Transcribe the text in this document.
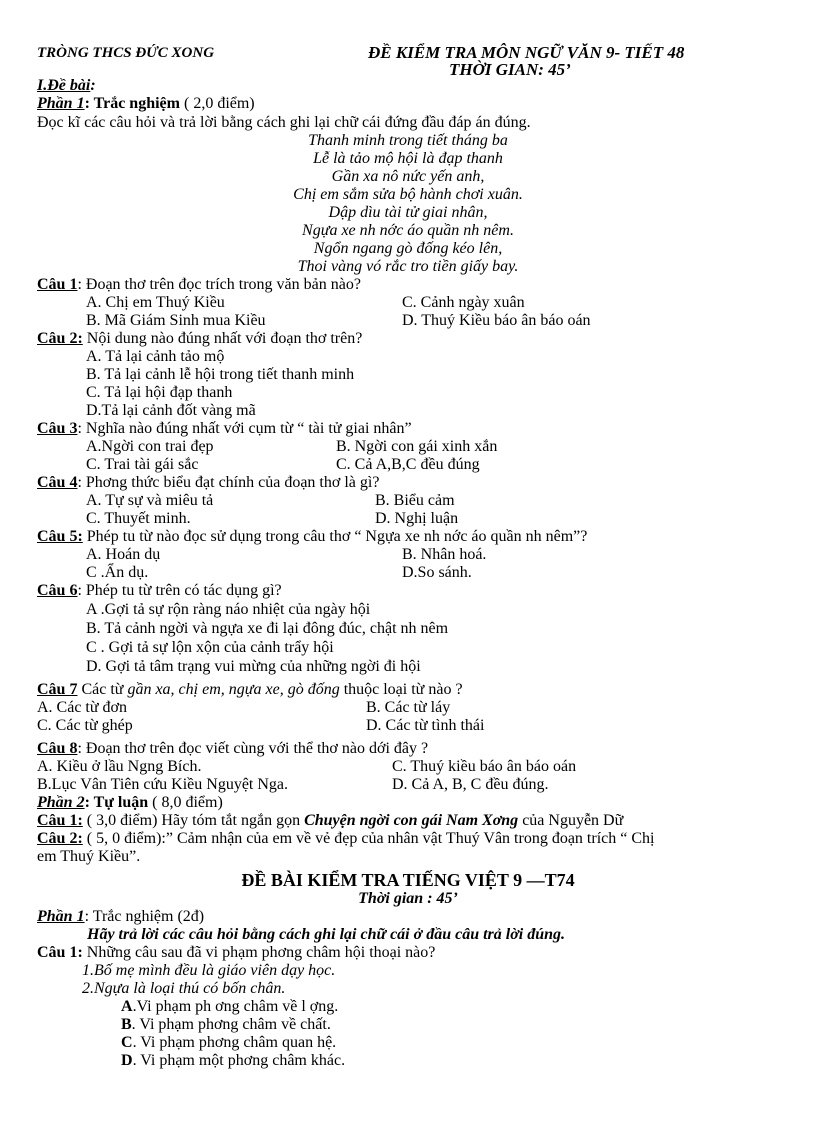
TRÒNG THCS ĐỨC XONG	ĐỀ KIỂM TRA MÔN NGỮ VĂN 9- TIẾT 48
THỜI GIAN: 45’
I.Đề bài:
Phần 1: Trắc nghiệm ( 2,0 điểm)
Đọc kĩ các câu hỏi và trả lời bằng cách ghi lại chữ cái đứng đầu đáp án đúng.
Thanh minh trong tiết tháng ba
Lễ là tảo mộ hội là đạp thanh
Gần xa nô nức yến anh,
Chị em sắm sửa bộ hành chơi xuân.
Dập dìu tài tử giai nhân,
Ngựa xe nh nớc áo quần nh nêm.
Ngổn ngang gò đống kéo lên,
Thoi vàng vó rắc tro tiền giấy bay.
Câu 1: Đoạn thơ trên đọc trích trong văn bản nào?
A. Chị em Thuý Kiều	C. Cảnh ngày xuân
B. Mã Giám Sinh mua Kiều	D. Thuý Kiều báo ân báo oán
Câu 2: Nội dung nào đúng nhất với đoạn thơ trên?
A. Tả lại cảnh tảo mộ
B. Tả lại cảnh lễ hội trong tiết thanh minh
C. Tả lại hội đạp thanh
D.Tả lại cảnh đốt vàng mã
Câu 3: Nghĩa nào đúng nhất với cụm từ “ tài tử giai nhân”
A.Ngời con trai đẹp	B. Ngời con gái xinh xắn
C. Trai tài gái sắc	C. Cả A,B,C đều đúng
Câu 4: Phơng thức biểu đạt chính của đoạn thơ là gì?
A. Tự sự và miêu tả	B. Biểu cảm
C. Thuyết minh.	D. Nghị luận
Câu 5: Phép tu từ nào đọc sử dụng trong câu thơ “ Ngựa xe nh nớc áo quần nh nêm”?
A. Hoán dụ	B. Nhân hoá.
C .Ẩn dụ.	D.So sánh.
Câu 6: Phép tu từ trên có tác dụng gì?
A .Gợi tả sự rộn ràng náo nhiệt của ngày hội
B. Tả cảnh ngời và ngựa xe đi lại đông đúc, chật nh nêm
C . Gợi tả sự lộn xộn của cảnh trẩy hội
D. Gợi tả tâm trạng vui mừng của những ngời đi hội
Câu 7 Các từ gần xa, chị em, ngựa xe, gò đống thuộc loại từ nào ?
A. Các từ đơn	B. Các từ láy
C. Các từ ghép	D. Các từ tình thái
Câu 8: Đoạn thơ trên đọc viết cùng với thể thơ nào dới đây ?
A. Kiều ở lầu Ngng Bích.	C. Thuý kiều báo ân báo oán
B.Lục Vân Tiên cứu Kiều Nguyệt Nga.	D. Cả A, B, C đều đúng.
Phần 2: Tự luận ( 8,0 điểm)
Câu 1: ( 3,0 điểm) Hãy tóm tắt ngắn gọn Chuyện ngời con gái Nam Xơng của Nguyễn Dữ
Câu 2: ( 5, 0 điểm):” Cảm nhận của em về vẻ đẹp của nhân vật Thuý Vân trong đoạn trích “ Chị
em Thuý Kiều”.
ĐỀ BÀI KIỂM TRA TIẾNG VIỆT 9 —T74
Thời gian : 45’
Phần 1: Trắc nghiệm (2đ)
Hãy trả lời các câu hỏi bằng cách ghi lại chữ cái ở đầu câu trả lời đúng.
Câu 1: Những câu sau đã vi phạm phơng châm hội thoại nào?
1.Bố mẹ mình đều là giáo viên dạy học.
2.Ngựa là loại thú có bốn chân.
A.Vi phạm ph ơng châm về l ợng.
B. Vi phạm phơng châm về chất.
C. Vi phạm phơng châm quan hệ.
D. Vi phạm một phơng châm khác.
